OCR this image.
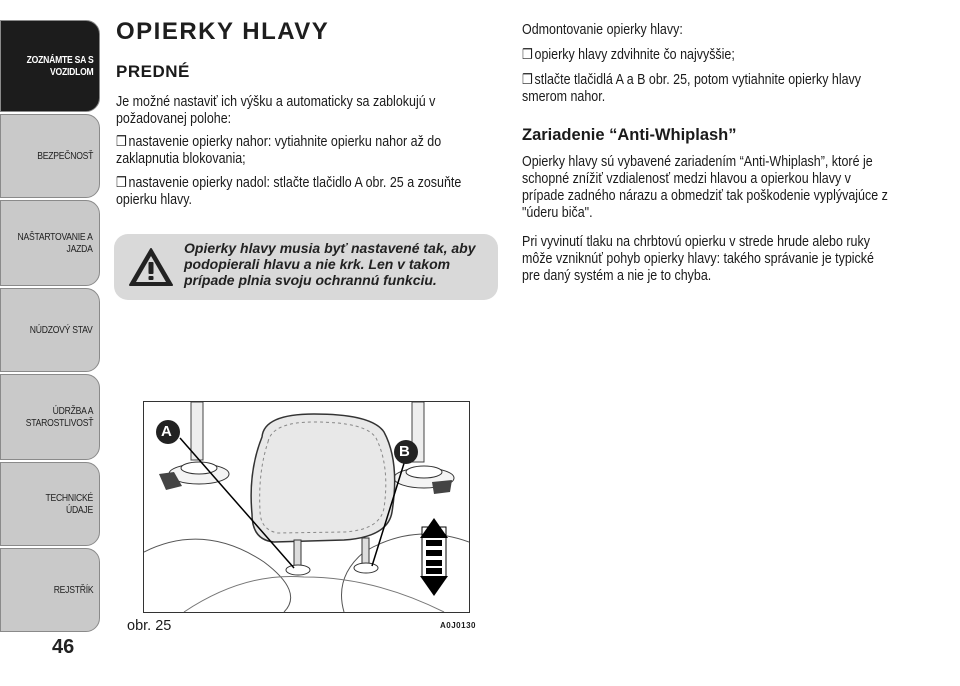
ZOZNÁMTE SA S
VOZIDLOM
BEZPEČNOSŤ
NAŠTARTOVANIE A
JAZDA
NÚDZOVÝ STAV
ÚDRŽBA A
STAROSTLIVOSŤ
TECHNICKÉ ÚDAJE
REJSTŘÍK
46
OPIERKY HLAVY
PREDNÉ
Je možné nastaviť ich výšku a automaticky sa zablokujú v požadovanej polohe:
❒ nastavenie opierky nahor: vytiahnite opierku nahor až do zaklapnutia blokovania;
❒ nastavenie opierky nadol: stlačte tlačidlo A obr. 25 a zosuňte opierku hlavy.
Opierky hlavy musia byť nastavené tak, aby podopierali hlavu a nie krk. Len v takom prípade plnia svoju ochrannú funkciu.
A
B
obr. 25	A0J0130
Odmontovanie opierky hlavy:
❒ opierky hlavy zdvihnite čo najvyššie;
❒ stlačte tlačidlá A a B obr. 25, potom vytiahnite opierky hlavy smerom nahor.
Zariadenie “Anti-Whiplash”
Opierky hlavy sú vybavené zariadením “Anti-Whiplash”, ktoré je schopné znížiť vzdialenosť medzi hlavou a opierkou hlavy v prípade zadného nárazu a obmedziť tak poškodenie vyplývajúce z "úderu biča".
Pri vyvinutí tlaku na chrbtovú opierku v strede hrude alebo ruky môže vzniknúť pohyb opierky hlavy: takého správanie je typické pre daný systém a nie je to chyba.
